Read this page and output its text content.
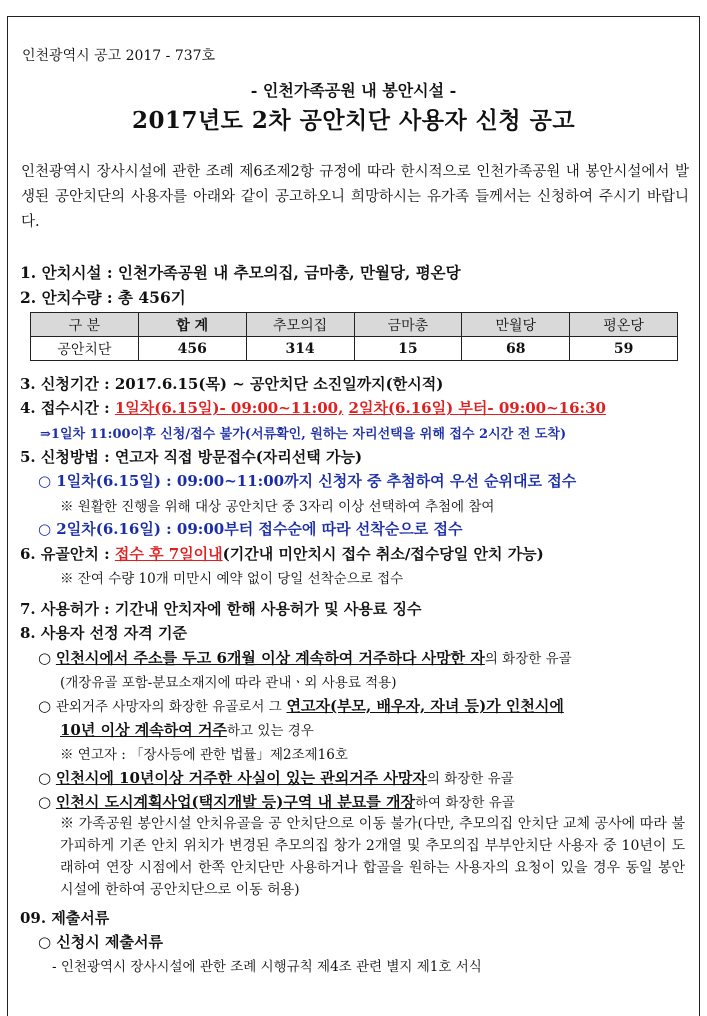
인천광역시 공고 2017 - 737호
- 인천가족공원 내 봉안시설 -
2017년도 2차 공안치단 사용자 신청 공고
인천광역시 장사시설에 관한 조례 제6조제2항 규정에 따라 한시적으로 인천가족공원 내 봉안시설에서 발생된 공안치단의 사용자를 아래와 같이 공고하오니 희망하시는 유가족 들께서는 신청하여 주시기 바랍니다.
1. 안치시설 : 인천가족공원 내 추모의집, 금마총, 만월당, 평온당
2. 안치수량 : 총 456기
구 분	합 계	추모의집	금마총	만월당	평온당
공안치단	456	314	15	68	59
3. 신청기간 : 2017.6.15(목) ~ 공안치단 소진일까지(한시적)
4. 접수시간 : 1일차(6.15일)- 09:00~11:00, 2일차(6.16일) 부터- 09:00~16:30
⇒1일차 11:00이후 신청/접수 불가(서류확인, 원하는 자리선택을 위해 접수 2시간 전 도착)
5. 신청방법 : 연고자 직접 방문접수(자리선택 가능)
○ 1일차(6.15일) : 09:00~11:00까지 신청자 중 추첨하여 우선 순위대로 접수
※ 원활한 진행을 위해 대상 공안치단 중 3자리 이상 선택하여 추첨에 참여
○ 2일차(6.16일) : 09:00부터 접수순에 따라 선착순으로 접수
6. 유골안치 : 접수 후 7일이내(기간내 미안치시 접수 취소/접수당일 안치 가능)
※ 잔여 수량 10개 미만시 예약 없이 당일 선착순으로 접수
7. 사용허가 : 기간내 안치자에 한해 사용허가 및 사용료 징수
8. 사용자 선정 자격 기준
○ 인천시에서 주소를 두고 6개월 이상 계속하여 거주하다 사망한 자의 화장한 유골
(개장유골 포함-분묘소재지에 따라 관내ㆍ외 사용료 적용)
○ 관외거주 사망자의 화장한 유골로서 그 연고자(부모, 배우자, 자녀 등)가 인천시에
10년 이상 계속하여 거주하고 있는 경우
※ 연고자 : 「장사등에 관한 법률」제2조제16호
○ 인천시에 10년이상 거주한 사실이 있는 관외거주 사망자의 화장한 유골
○ 인천시 도시계획사업(택지개발 등)구역 내 분묘를 개장하여 화장한 유골
※ 가족공원 봉안시설 안치유골을 공 안치단으로 이동 불가(다만, 추모의집 안치단 교체 공사에 따라 불가피하게 기존 안치 위치가 변경된 추모의집 창가 2개열 및 추모의집 부부안치단 사용자 중 10년이 도래하여 연장 시점에서 한쪽 안치단만 사용하거나 합골을 원하는 사용자의 요청이 있을 경우 동일 봉안시설에 한하여 공안치단으로 이동 허용)
09. 제출서류
○ 신청시 제출서류
- 인천광역시 장사시설에 관한 조례 시행규칙 제4조 관련 별지 제1호 서식
